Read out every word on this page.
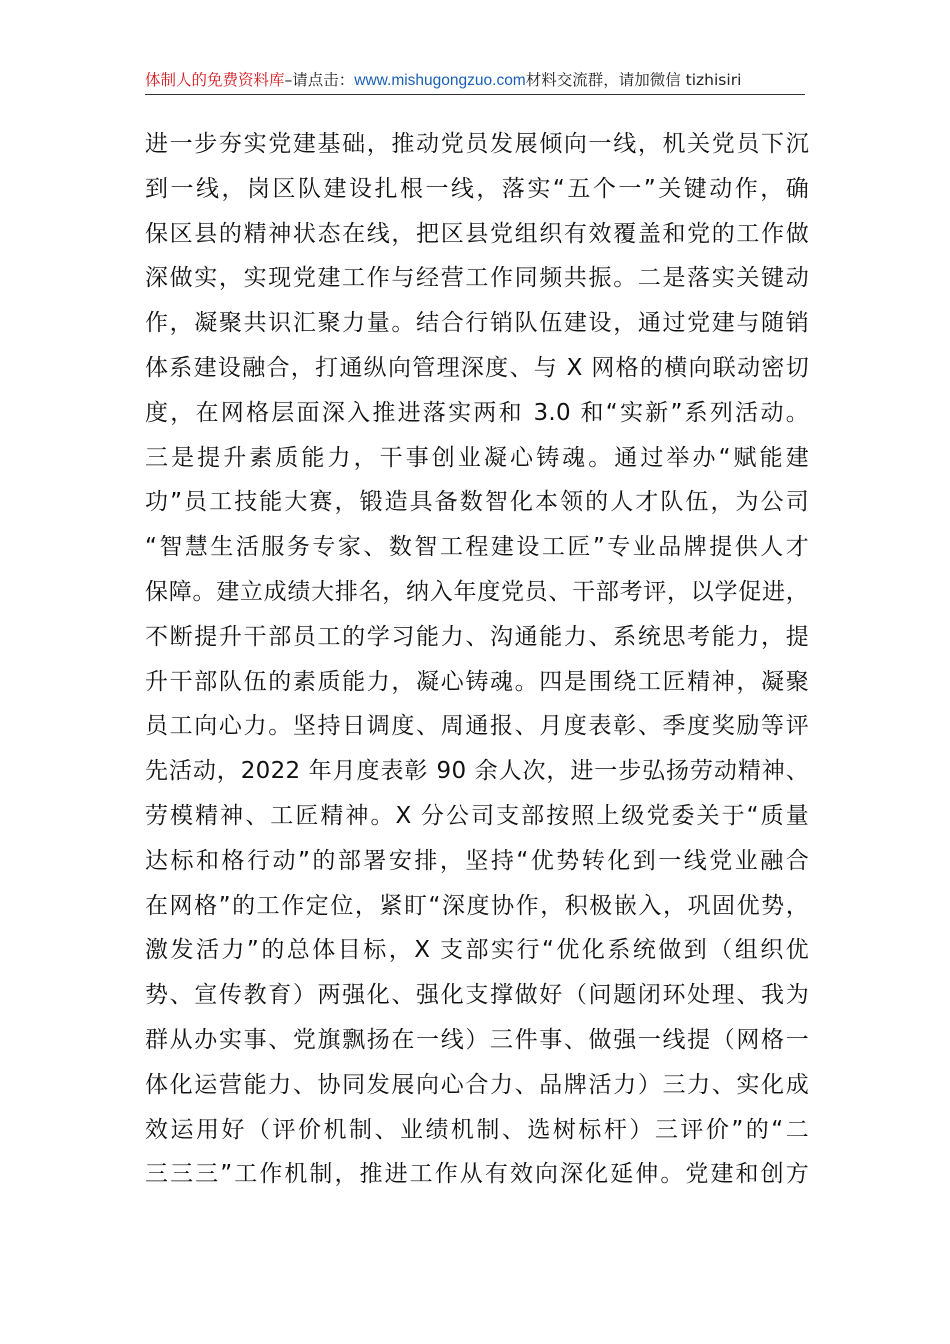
体制人的免费资料库–请点击：www.mishugongzuo.com材料交流群，请加微信 tizhisiri
进一步夯实党建基础，推动党员发展倾向一线，机关党员下沉
到一线，岗区队建设扎根一线，落实“五个一”关键动作，确
保区县的精神状态在线，把区县党组织有效覆盖和党的工作做
深做实，实现党建工作与经营工作同频共振。二是落实关键动
作，凝聚共识汇聚力量。结合行销队伍建设，通过党建与随销
体系建设融合，打通纵向管理深度、与 X 网格的横向联动密切
度，在网格层面深入推进落实两和 3.0 和“实新”系列活动。
三是提升素质能力，干事创业凝心铸魂。通过举办“赋能建
功”员工技能大赛，锻造具备数智化本领的人才队伍，为公司
“智慧生活服务专家、数智工程建设工匠”专业品牌提供人才
保障。建立成绩大排名，纳入年度党员、干部考评，以学促进，
不断提升干部员工的学习能力、沟通能力、系统思考能力，提
升干部队伍的素质能力，凝心铸魂。四是围绕工匠精神，凝聚
员工向心力。坚持日调度、周通报、月度表彰、季度奖励等评
先活动，2022 年月度表彰 90 余人次，进一步弘扬劳动精神、
劳模精神、工匠精神。X 分公司支部按照上级党委关于“质量
达标和格行动”的部署安排，坚持“优势转化到一线党业融合
在网格”的工作定位，紧盯“深度协作，积极嵌入，巩固优势，
激发活力”的总体目标，X 支部实行“优化系统做到（组织优
势、宣传教育）两强化、强化支撑做好（问题闭环处理、我为
群从办实事、党旗飘扬在一线）三件事、做强一线提（网格一
体化运营能力、协同发展向心合力、品牌活力）三力、实化成
效运用好（评价机制、业绩机制、选树标杆）三评价”的“二
三三三”工作机制，推进工作从有效向深化延伸。党建和创方
